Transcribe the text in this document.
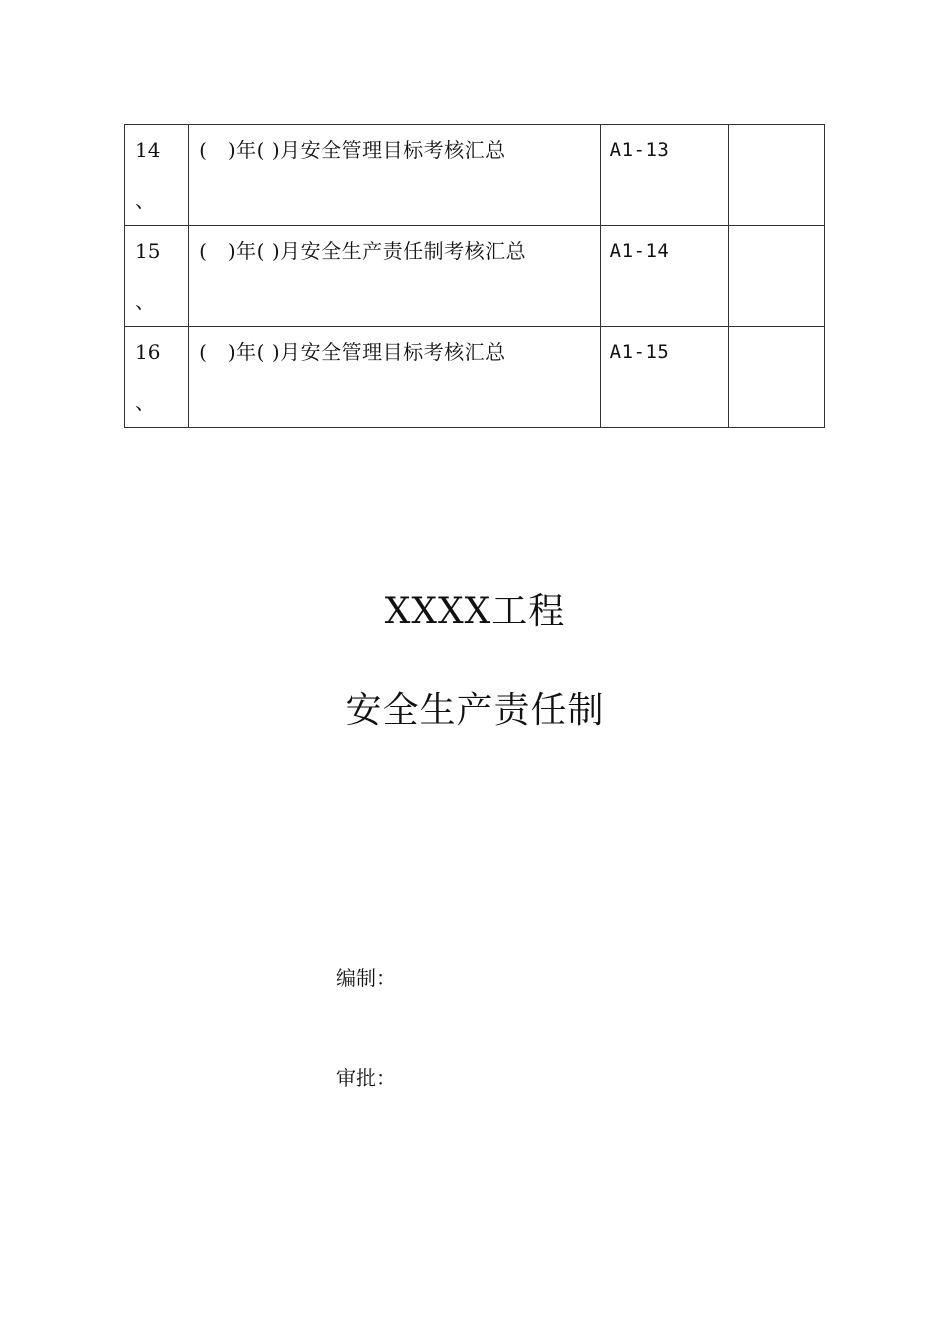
14
、	(　)年( )月安全管理目标考核汇总	A1-13	

15
、	(　)年( )月安全生产责任制考核汇总	A1-14	

16
、	(　)年( )月安全管理目标考核汇总	A1-15	

XXXX工程
安全生产责任制
编制：
审批：
